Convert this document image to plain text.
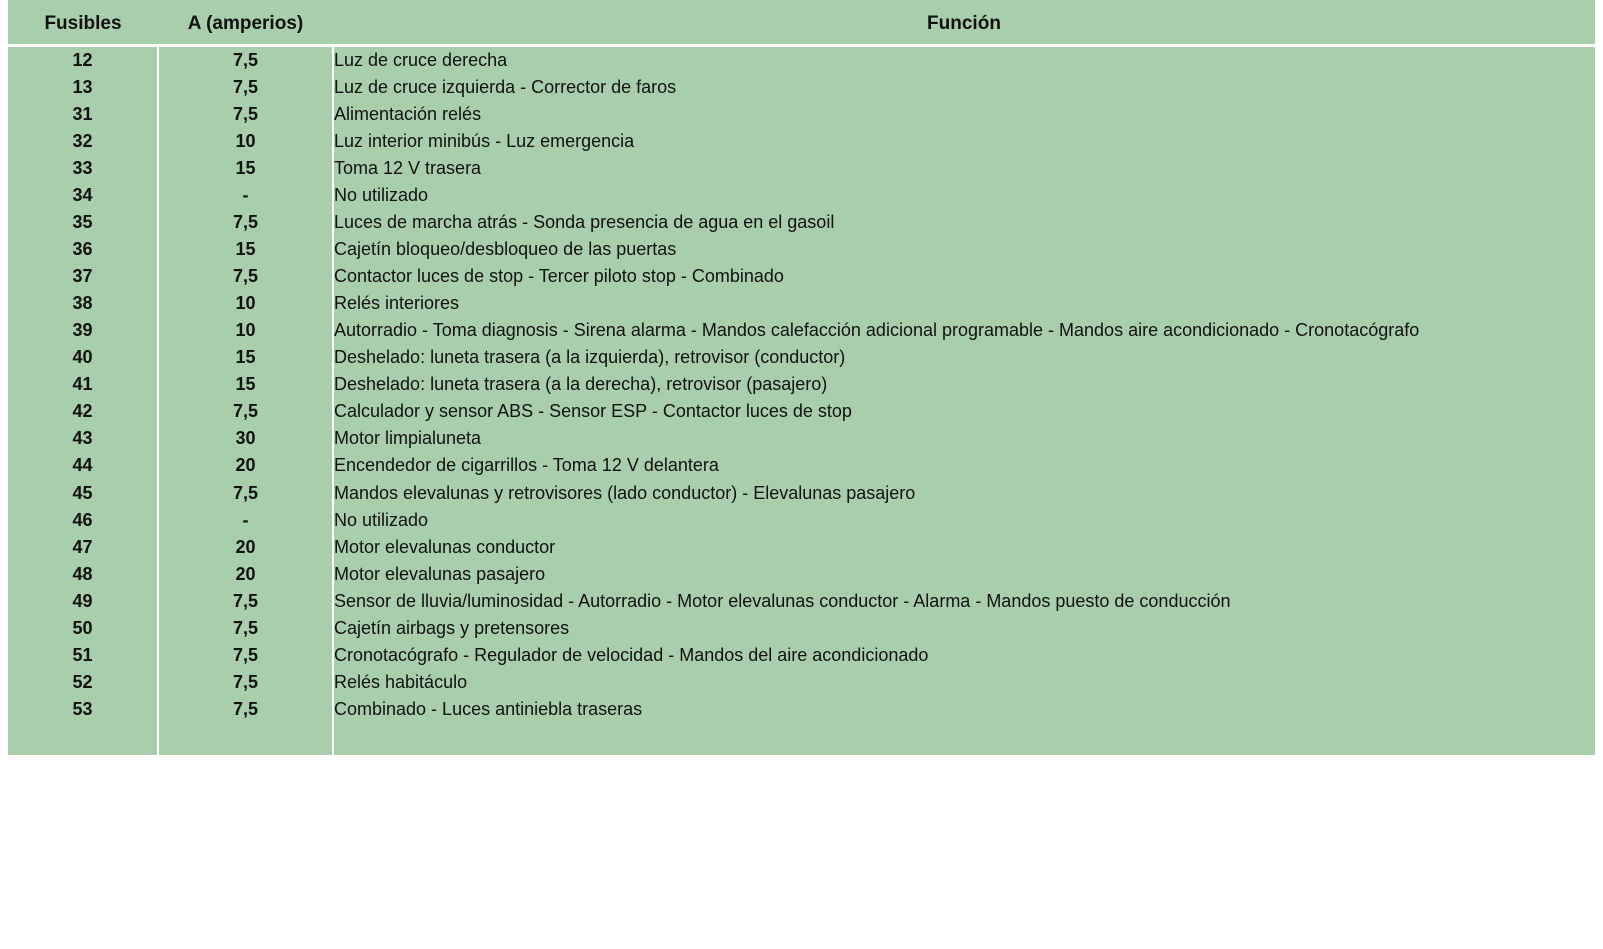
Fusibles	A (amperios)	Función
12	7,5	Luz de cruce derecha
13	7,5	Luz de cruce izquierda - Corrector de faros
31	7,5	Alimentación relés
32	10	Luz interior minibús - Luz emergencia
33	15	Toma 12 V trasera
34	-	No utilizado
35	7,5	Luces de marcha atrás - Sonda presencia de agua en el gasoil
36	15	Cajetín bloqueo/desbloqueo de las puertas
37	7,5	Contactor luces de stop - Tercer piloto stop - Combinado
38	10	Relés interiores
39	10	Autorradio - Toma diagnosis - Sirena alarma - Mandos calefacción adicional programable - Mandos aire acondicionado - Cronotacógrafo
40	15	Deshelado: luneta trasera (a la izquierda), retrovisor (conductor)
41	15	Deshelado: luneta trasera (a la derecha), retrovisor (pasajero)
42	7,5	Calculador y sensor ABS - Sensor ESP - Contactor luces de stop
43	30	Motor limpialuneta
44	20	Encendedor de cigarrillos - Toma 12 V delantera
45	7,5	Mandos elevalunas y retrovisores (lado conductor) - Elevalunas pasajero
46	-	No utilizado
47	20	Motor elevalunas conductor
48	20	Motor elevalunas pasajero
49	7,5	Sensor de lluvia/luminosidad - Autorradio - Motor elevalunas conductor - Alarma - Mandos puesto de conducción
50	7,5	Cajetín airbags y pretensores
51	7,5	Cronotacógrafo - Regulador de velocidad - Mandos del aire acondicionado
52	7,5	Relés habitáculo
53	7,5	Combinado - Luces antiniebla traseras
